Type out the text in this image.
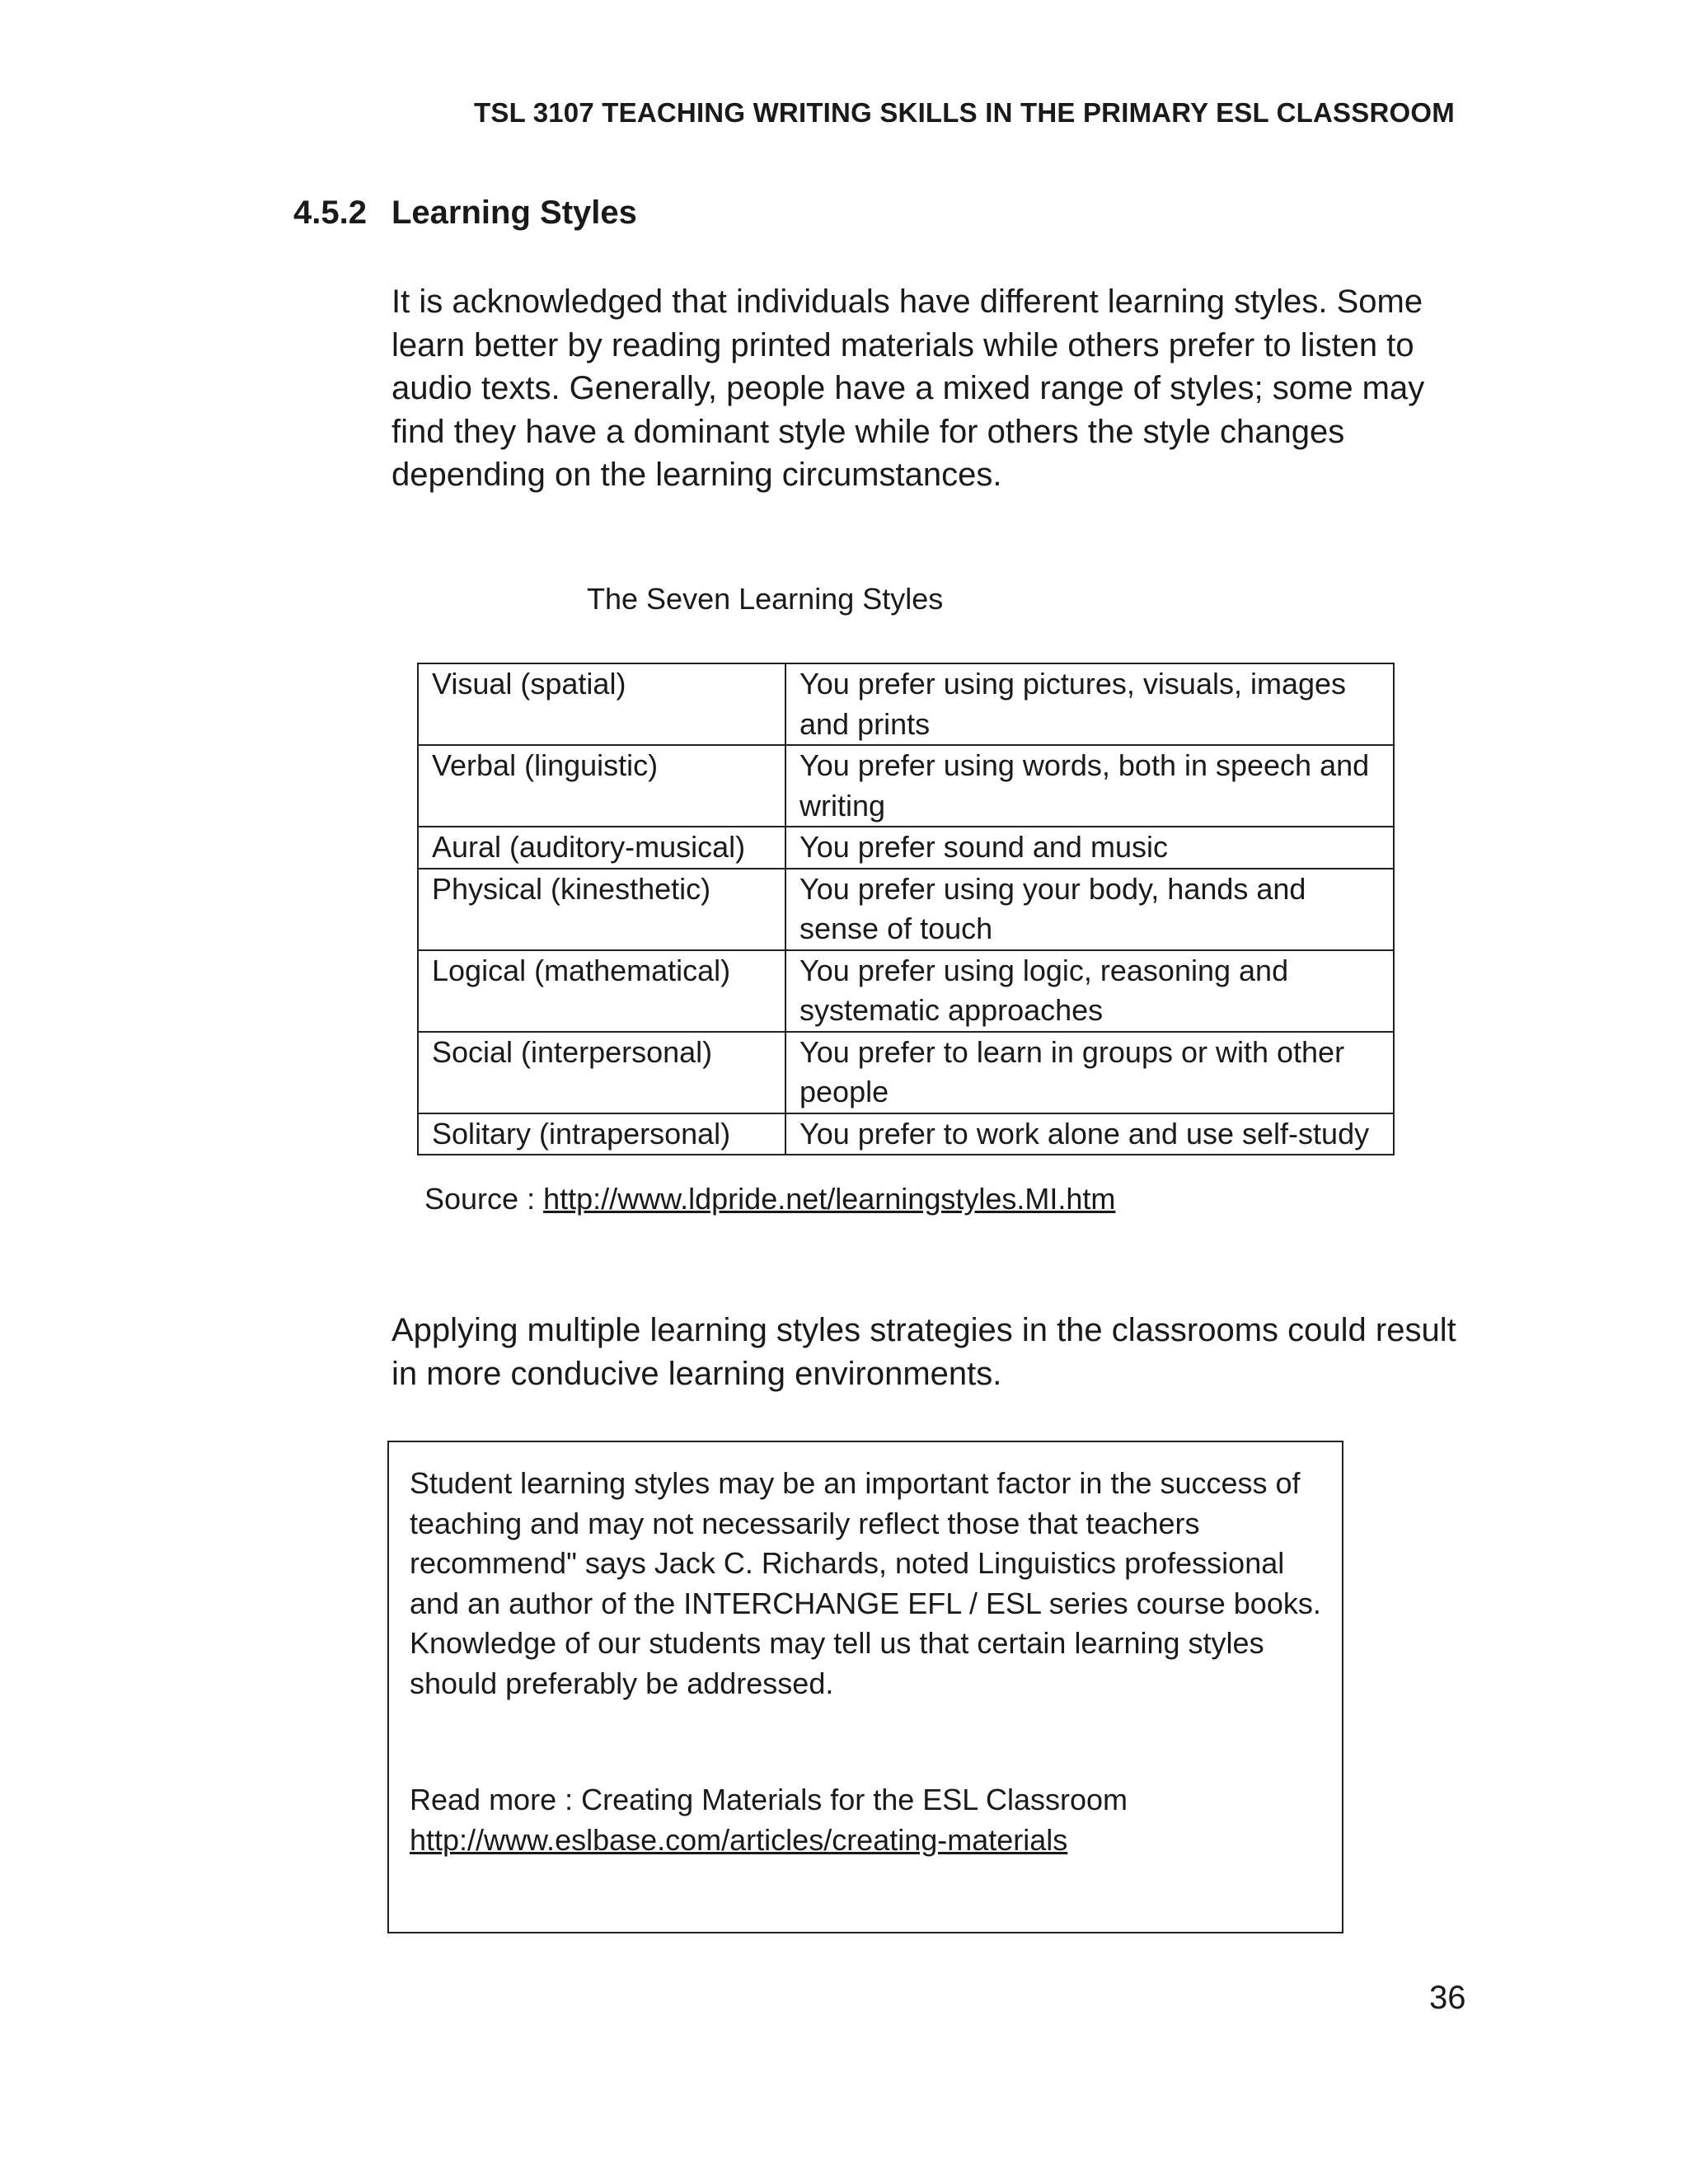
TSL 3107 TEACHING WRITING SKILLS IN THE PRIMARY ESL CLASSROOM
4.5.2 Learning Styles

It is acknowledged that individuals have different learning styles. Some learn better by reading printed materials while others prefer to listen to audio texts. Generally, people have a mixed range of styles; some may find they have a dominant style while for others the style changes depending on the learning circumstances.

The Seven Learning Styles
Visual (spatial)	You prefer using pictures, visuals, images and prints
Verbal (linguistic)	You prefer using words, both in speech and writing
Aural (auditory-musical)	You prefer sound and music
Physical (kinesthetic)	You prefer using your body, hands and sense of touch
Logical (mathematical)	You prefer using logic, reasoning and systematic approaches
Social (interpersonal)	You prefer to learn in groups or with other people
Solitary (intrapersonal)	You prefer to work alone and use self-study
Source : http://www.ldpride.net/learningstyles.MI.htm

Applying multiple learning styles strategies in the classrooms could result in more conducive learning environments.

Student learning styles may be an important factor in the success of teaching and may not necessarily reflect those that teachers recommend" says Jack C. Richards, noted Linguistics professional and an author of the INTERCHANGE EFL / ESL series course books. Knowledge of our students may tell us that certain learning styles should preferably be addressed.

Read more : Creating Materials for the ESL Classroom
http://www.eslbase.com/articles/creating-materials
36
